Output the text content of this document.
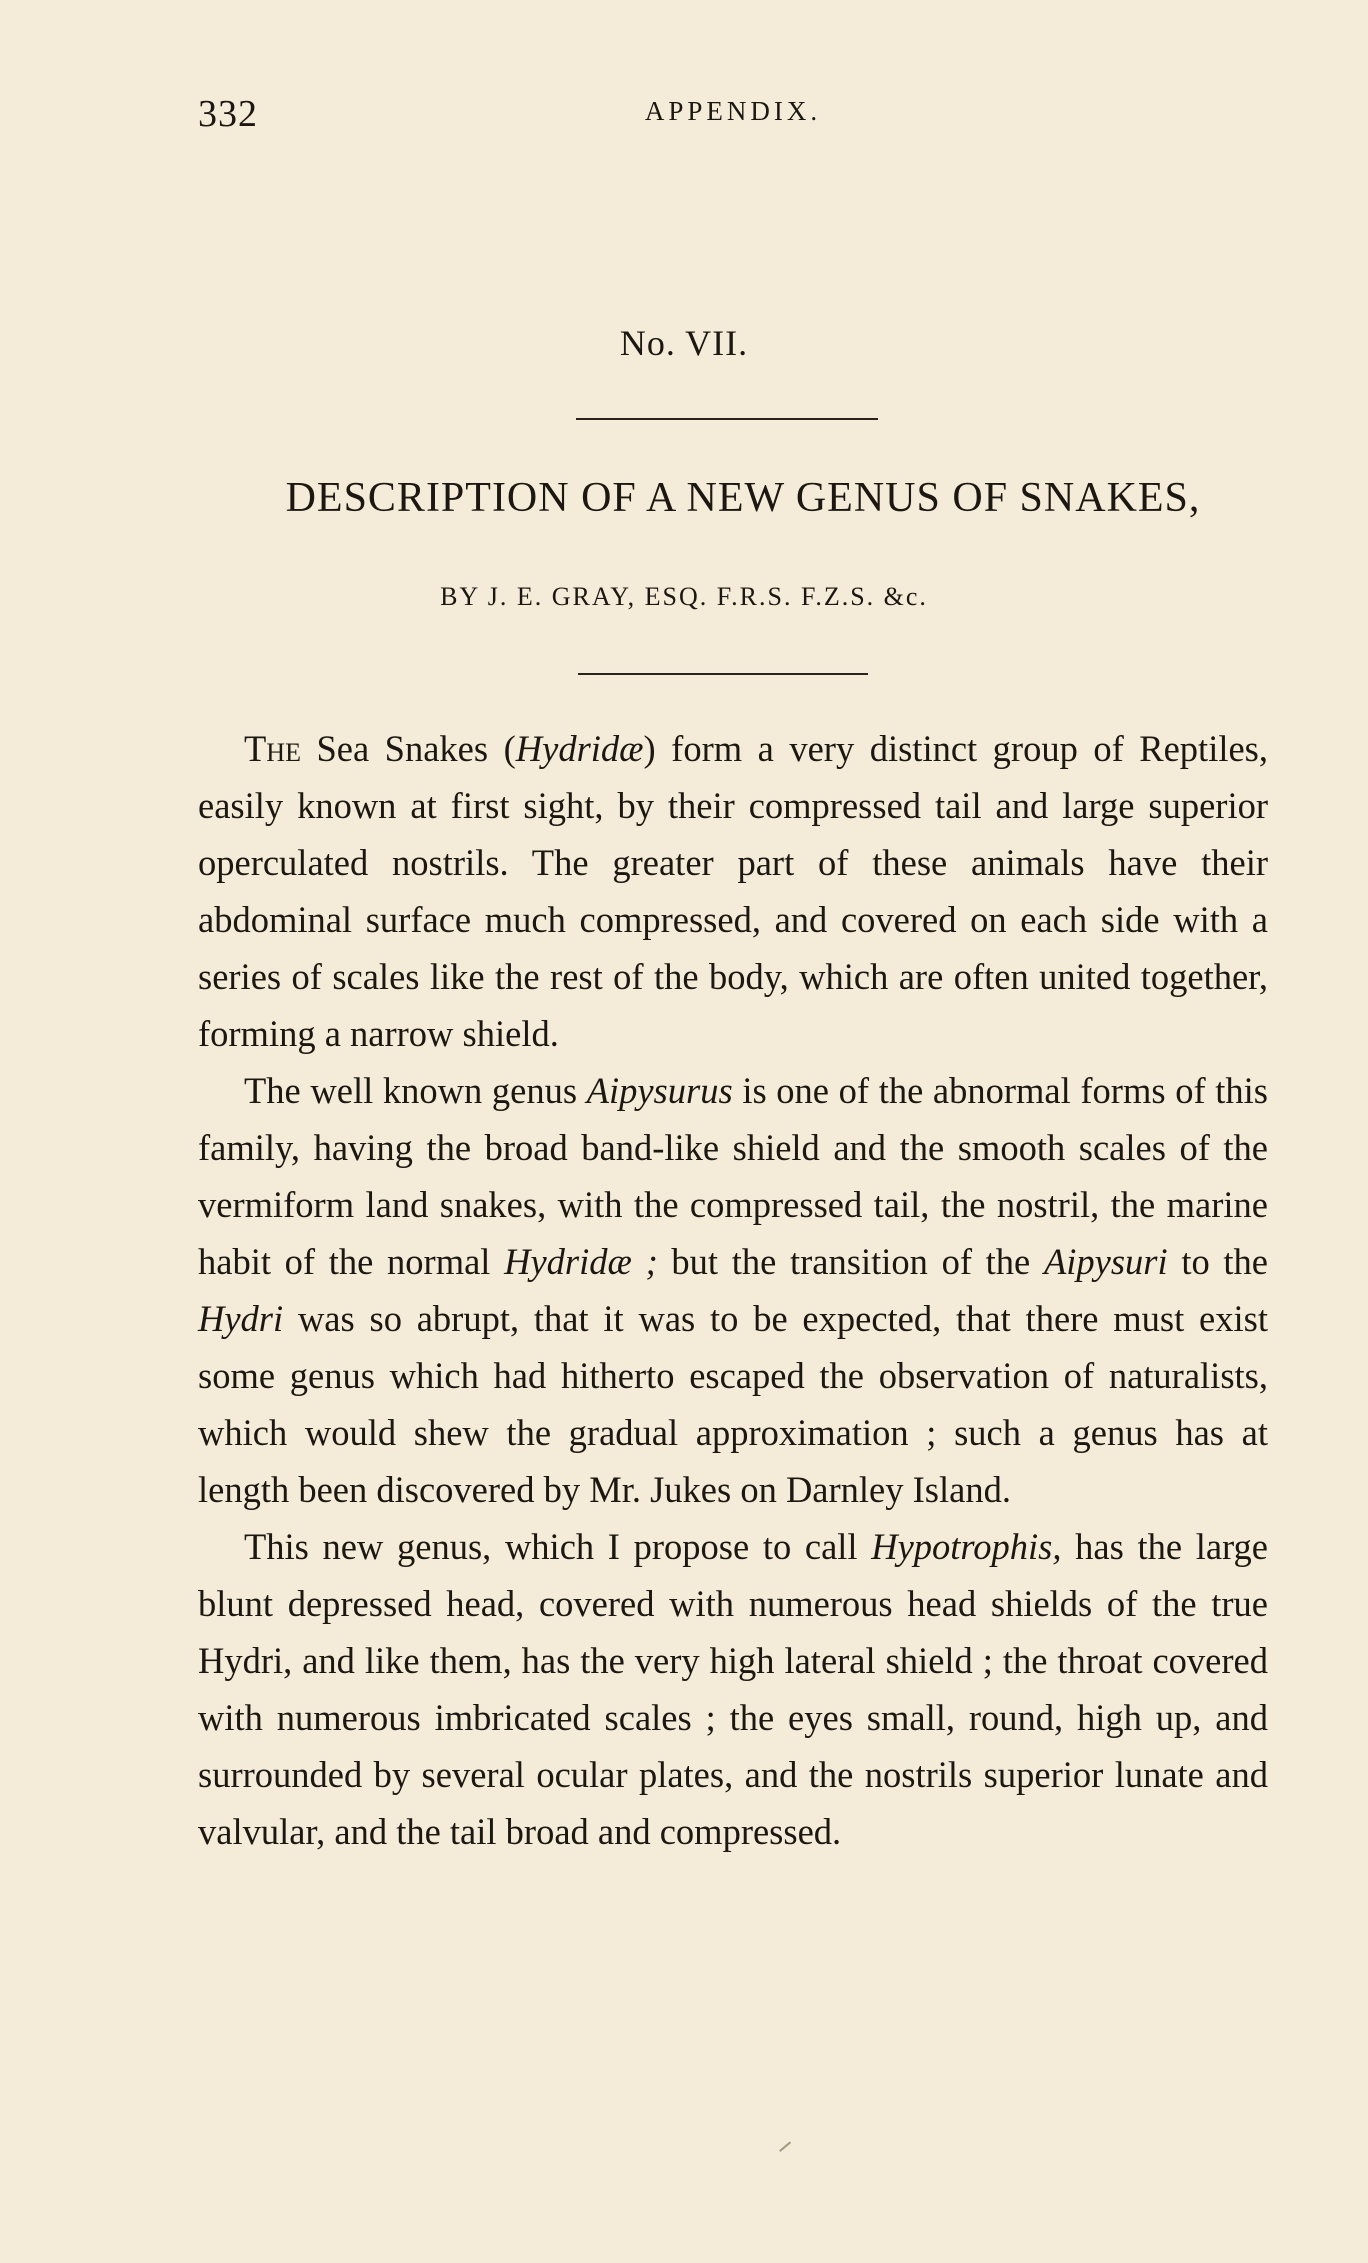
332	APPENDIX.
No. VII.
DESCRIPTION OF A NEW GENUS OF SNAKES,
BY J. E. GRAY, ESQ. F.R.S. F.Z.S. &c.

The Sea Snakes (Hydridæ) form a very distinct group of Reptiles, easily known at first sight, by their compressed tail and large superior operculated nostrils. The greater part of these animals have their abdominal surface much compressed, and covered on each side with a series of scales like the rest of the body, which are often united together, forming a narrow shield.

The well known genus Aipysurus is one of the abnormal forms of this family, having the broad band-like shield and the smooth scales of the vermiform land snakes, with the compressed tail, the nostril, the marine habit of the normal Hydridæ ; but the transition of the Aipysuri to the Hydri was so abrupt, that it was to be expected, that there must exist some genus which had hitherto escaped the observation of naturalists, which would shew the gradual approximation ; such a genus has at length been discovered by Mr. Jukes on Darnley Island.

This new genus, which I propose to call Hypotrophis, has the large blunt depressed head, covered with numerous head shields of the true Hydri, and like them, has the very high lateral shield ; the throat covered with numerous imbricated scales ; the eyes small, round, high up, and surrounded by several ocular plates, and the nostrils superior lunate and valvular, and the tail broad and compressed.
